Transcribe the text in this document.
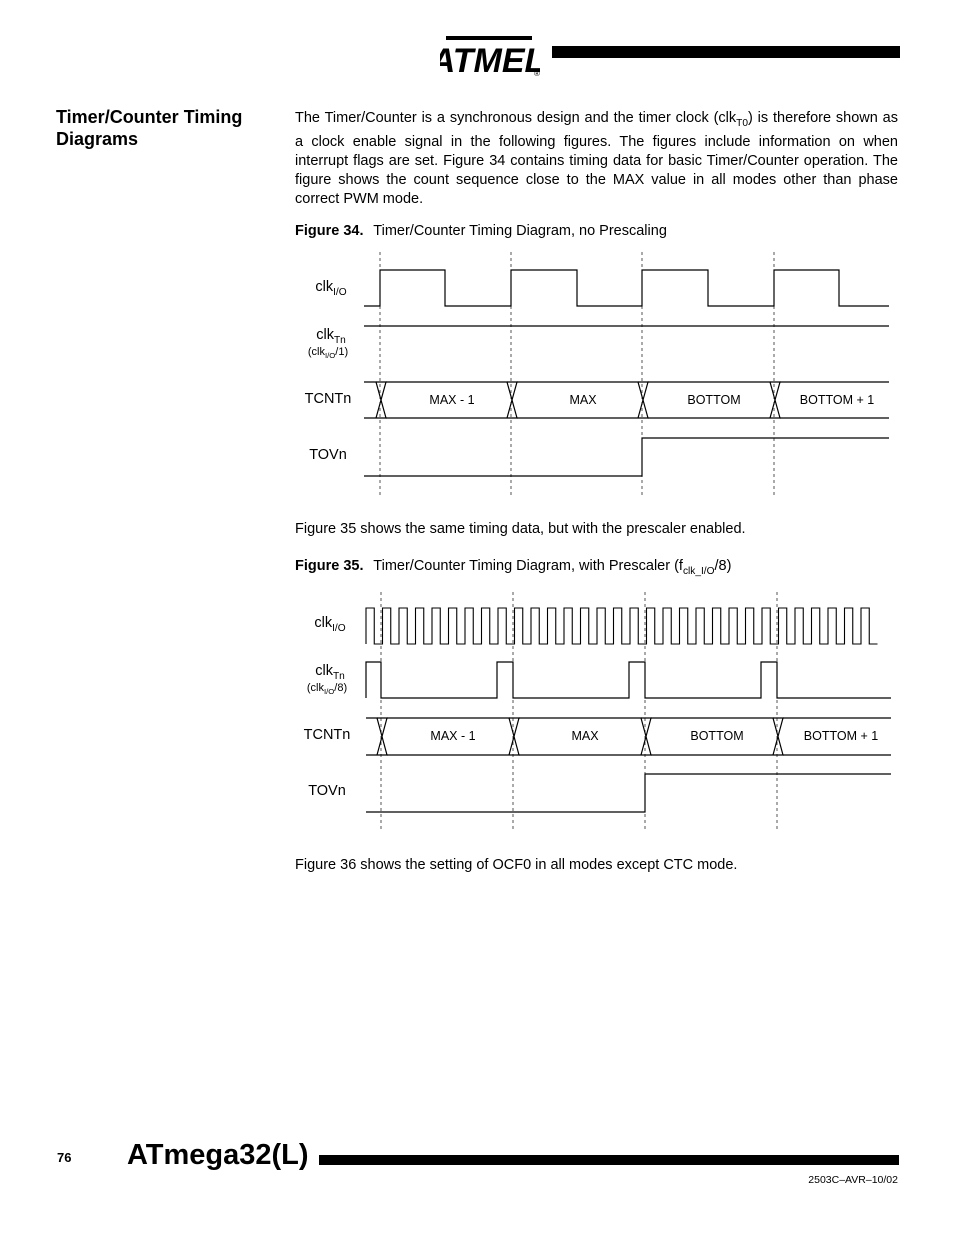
TMEL
®
Timer/Counter Timing Diagrams
The Timer/Counter is a synchronous design and the timer clock (clk$_{T0}$) is therefore shown as a clock enable signal in the following figures. The figures include information on when interrupt flags are set. Figure 34 contains timing data for basic Timer/Counter operation. The figure shows the count sequence close to the MAX value in all modes other than phase correct PWM mode.
Figure 34. Timer/Counter Timing Diagram, no Prescaling
clk$_{I/O}$
clk$_{Tn}$
(clk$_{I/O}$/1)
TCNTn
TOVn
MAX - 1	MAX	BOTTOM	BOTTOM + 1
Figure 35 shows the same timing data, but with the prescaler enabled.
Figure 35. Timer/Counter Timing Diagram, with Prescaler $(f_{clk\_I/O}/8)$
clk$_{I/O}$
clk$_{Tn}$
(clk$_{I/O}$/8)
TCNTn
TOVn
MAX - 1	MAX	BOTTOM	BOTTOM + 1
Figure 36 shows the setting of OCF0 in all modes except CTC mode.
76 ATmega32(L)
2503C–AVR–10/02
